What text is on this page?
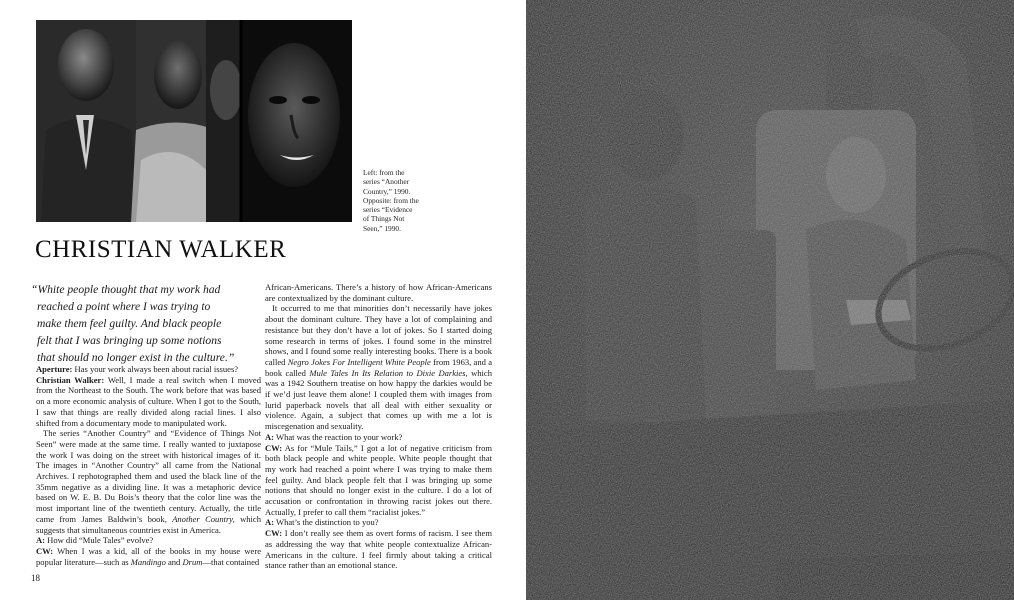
Left: from the
series “Another
Country,” 1990.
Opposite: from the
series “Evidence
of Things Not
Seen,” 1990.
CHRISTIAN WALKER
“White people thought that my work had
reached a point where I was trying to
make them feel guilty. And black people
felt that I was bringing up some notions
that should no longer exist in the culture.”

Aperture: Has your work always been about racial issues?

Christian Walker: Well, I made a real switch when I moved from the Northeast to the South. The work before that was based on a more economic analysis of culture. When I got to the South, I saw that things are really divided along racial lines. I also shifted from a documentary mode to manipulated work.

The series “Another Country” and “Evidence of Things Not Seen” were made at the same time. I really wanted to juxtapose the work I was doing on the street with historical images of it. The images in “Another Country” all came from the National Archives. I rephotographed them and used the black line of the 35mm negative as a dividing line. It was a metaphoric device based on W. E. B. Du Bois’s theory that the color line was the most important line of the twentieth century. Actually, the title came from James Baldwin’s book, Another Country, which suggests that simultaneous countries exist in America.

A: How did “Mule Tales” evolve?

CW: When I was a kid, all of the books in my house were popular literature—such as Mandingo and Drum—that contained

African-Americans. There’s a history of how African-Americans are contextualized by the dominant culture.

It occurred to me that minorities don’t necessarily have jokes about the dominant culture. They have a lot of complaining and resistance but they don’t have a lot of jokes. So I started doing some research in terms of jokes. I found some in the minstrel shows, and I found some really interesting books. There is a book called Negro Jokes For Intelligent White People from 1963, and a book called Mule Tales In Its Relation to Dixie Darkies, which was a 1942 Southern treatise on how happy the darkies would be if we’d just leave them alone! I coupled them with images from lurid paperback novels that all deal with either sexuality or violence. Again, a subject that comes up with me a lot is miscegenation and sexuality.

A: What was the reaction to your work?

CW: As for “Mule Tails,” I got a lot of negative criticism from both black people and white people. White people thought that my work had reached a point where I was trying to make them feel guilty. And black people felt that I was bringing up some notions that should no longer exist in the culture. I do a lot of accusation or confrontation in throwing racist jokes out there. Actually, I prefer to call them “racialist jokes.”

A: What’s the distinction to you?

CW: I don’t really see them as overt forms of racism. I see them as addressing the way that white people contextualize African-Americans in the culture. I feel firmly about taking a critical stance rather than an emotional stance.

18
